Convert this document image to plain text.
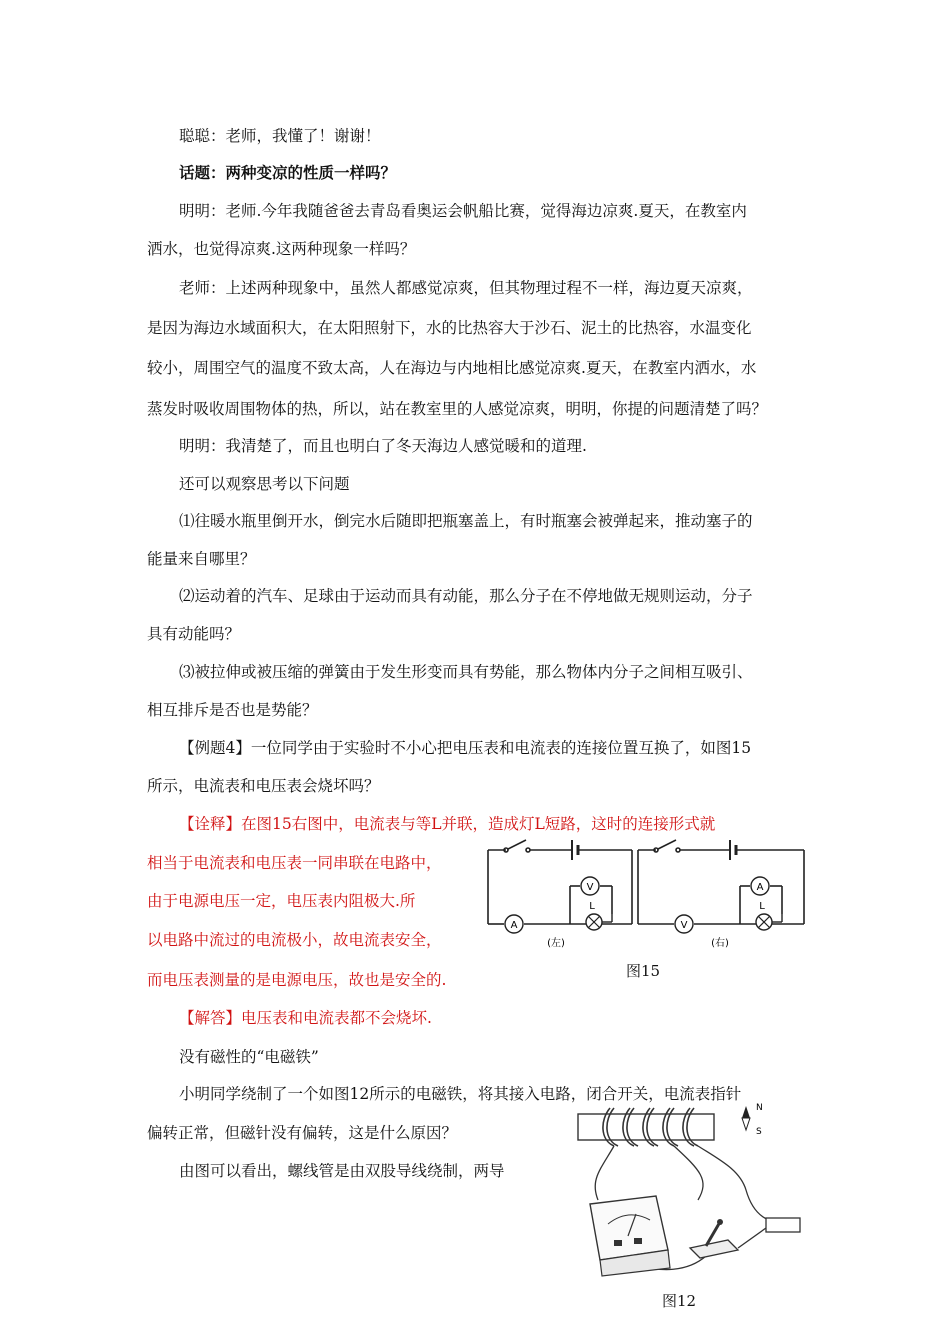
聪聪：老师，我懂了！谢谢！
话题：两种变凉的性质一样吗？
明明：老师.今年我随爸爸去青岛看奥运会帆船比赛，觉得海边凉爽.夏天，在教室内
洒水，也觉得凉爽.这两种现象一样吗？
老师：上述两种现象中，虽然人都感觉凉爽，但其物理过程不一样，海边夏天凉爽，
是因为海边水域面积大，在太阳照射下，水的比热容大于沙石、泥土的比热容，水温变化
较小，周围空气的温度不致太高，人在海边与内地相比感觉凉爽.夏天，在教室内洒水，水
蒸发时吸收周围物体的热，所以，站在教室里的人感觉凉爽，明明，你提的问题清楚了吗？
明明：我清楚了，而且也明白了冬天海边人感觉暖和的道理.
还可以观察思考以下问题
⑴往暖水瓶里倒开水，倒完水后随即把瓶塞盖上，有时瓶塞会被弹起来，推动塞子的
能量来自哪里？
⑵运动着的汽车、足球由于运动而具有动能，那么分子在不停地做无规则运动，分子
具有动能吗？
⑶被拉伸或被压缩的弹簧由于发生形变而具有势能，那么物体内分子之间相互吸引、
相互排斥是否也是势能？
【例题4】一位同学由于实验时不小心把电压表和电流表的连接位置互换了，如图15
所示，电流表和电压表会烧坏吗？
【诠释】在图15右图中，电流表与等L并联，造成灯L短路，这时的连接形式就
相当于电流表和电压表一同串联在电路中，
由于电源电压一定，电压表内阻极大.所
以电路中流过的电流极小，故电流表安全，
而电压表测量的是电源电压，故也是安全的.
【解答】电压表和电流表都不会烧坏.
没有磁性的“电磁铁”
小明同学绕制了一个如图12所示的电磁铁，将其接入电路，闭合开关，电流表指针
偏转正常，但磁针没有偏转，这是什么原因？
由图可以看出，螺线管是由双股导线绕制，两导
V
A
L
(左)
A
V
L
(右)
图15
N
S
图12
